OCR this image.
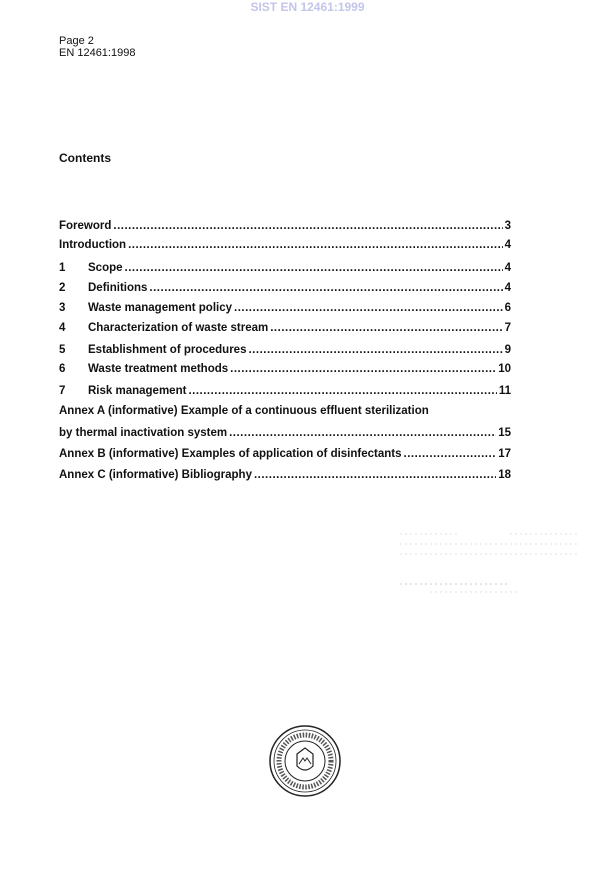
SIST EN 12461:1999
Page 2
EN 12461:1998
Contents
Foreword .....	3
Introduction .....	4
1	Scope .....	4
2	Definitions .....	4
3	Waste management policy .....	6
4	Characterization of waste stream .....	7
5	Establishment of procedures .....	9
6	Waste treatment methods .....	10
7	Risk management .....	11
Annex A (informative) Example of a continuous effluent sterilization
by thermal inactivation system .....	15
Annex B (informative) Examples of application of disinfectants .....	17
Annex C (informative) Bibliography .....	18
